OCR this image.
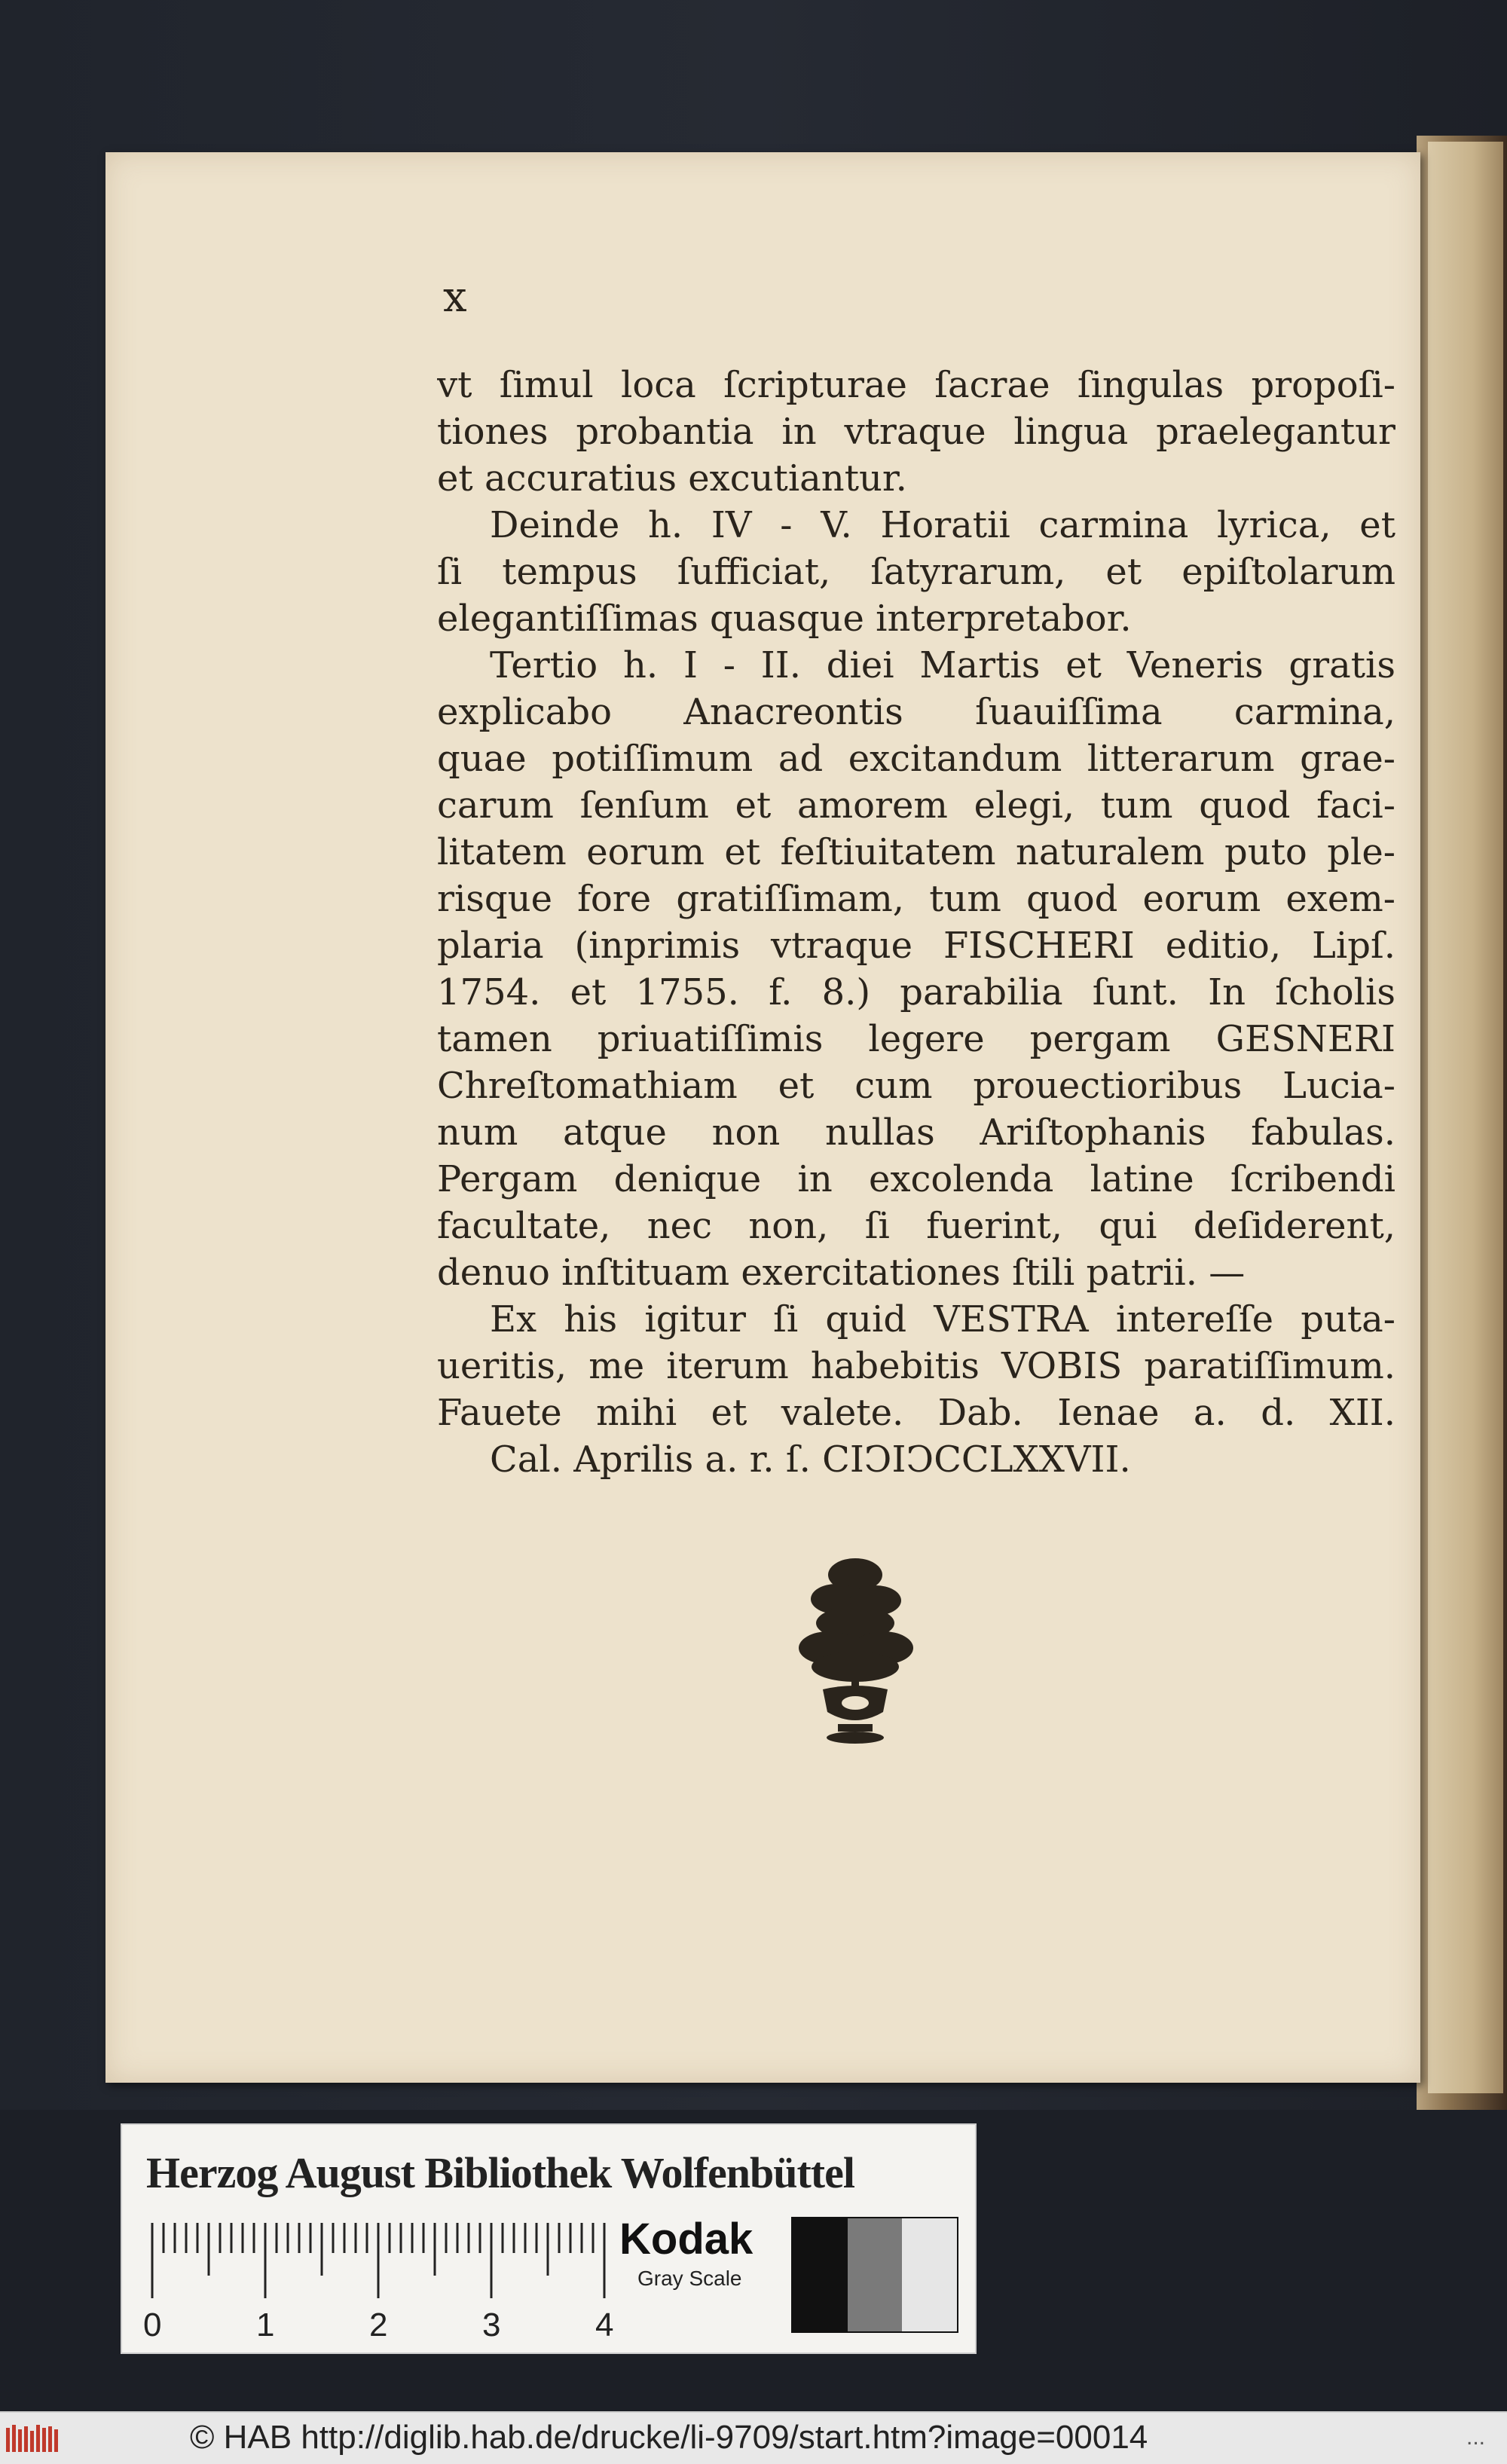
x

vt ſimul loca ſcripturae ſacrae ſingulas propoſi-

tiones probantia in vtraque lingua praelegantur

et accuratius excutiantur.

Deinde h. IV - V. Horatii carmina lyrica, et

ſi tempus ſufficiat, ſatyrarum, et epiſtolarum

elegantiſſimas quasque interpretabor.

Tertio h. I - II. diei Martis et Veneris gratis

explicabo Anacreontis ſuauiſſima carmina,

quae potiſſimum ad excitandum litterarum grae-

carum ſenſum et amorem elegi, tum quod faci-

litatem eorum et feſtiuitatem naturalem puto ple-

risque fore gratiſſimam, tum quod eorum exem-

plaria (inprimis vtraque FISCHERI editio, Lipſ.

1754. et 1755. f. 8.) parabilia ſunt. In ſcholis

tamen priuatiſſimis legere pergam GESNERI

Chreſtomathiam et cum prouectioribus Lucia-

num atque non nullas Ariſtophanis fabulas.

Pergam denique in excolenda latine ſcribendi

facultate, nec non, ſi fuerint, qui deſiderent,

denuo inſtituam exercitationes ſtili patrii. —

Ex his igitur ſi quid VESTRA intereſſe puta-

ueritis, me iterum habebitis VOBIS paratiſſimum.

Fauete mihi et valete. Dab. Ienae a. d. XII.

Cal. Aprilis a. r. ſ. CIↃIↃCCLXXVII.

Herzog August Bibliothek Wolfenbüttel
0	1	2	3	4
Kodak
Gray Scale
© HAB http://diglib.hab.de/drucke/li-9709/start.htm?image=00014	...
